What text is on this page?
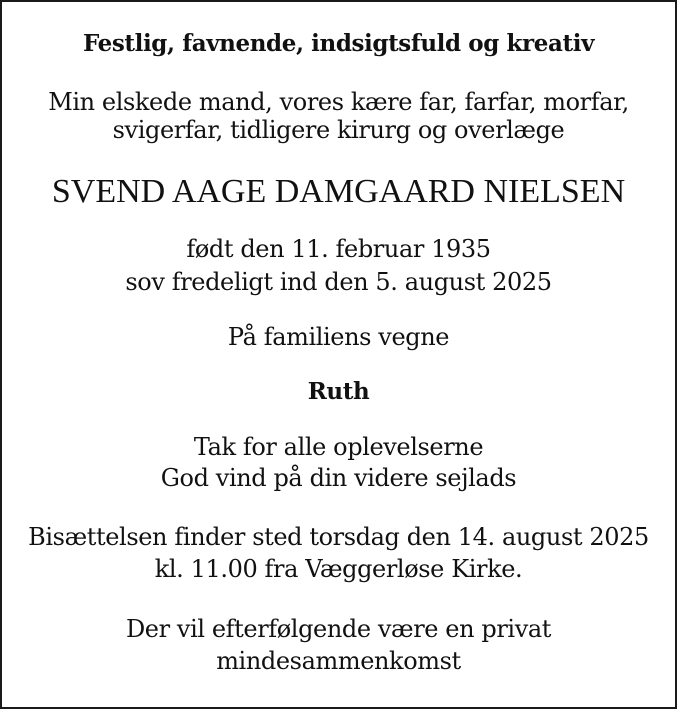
Festlig, favnende, indsigtsfuld og kreativ
Min elskede mand, vores kære far, farfar, morfar,
svigerfar, tidligere kirurg og overlæge
SVEND AAGE DAMGAARD NIELSEN
født den 11. februar 1935
sov fredeligt ind den 5. august 2025
På familiens vegne
Ruth
Tak for alle oplevelserne
God vind på din videre sejlads
Bisættelsen finder sted torsdag den 14. august 2025
kl. 11.00 fra Væggerløse Kirke.
Der vil efterfølgende være en privat
mindesammenkomst
